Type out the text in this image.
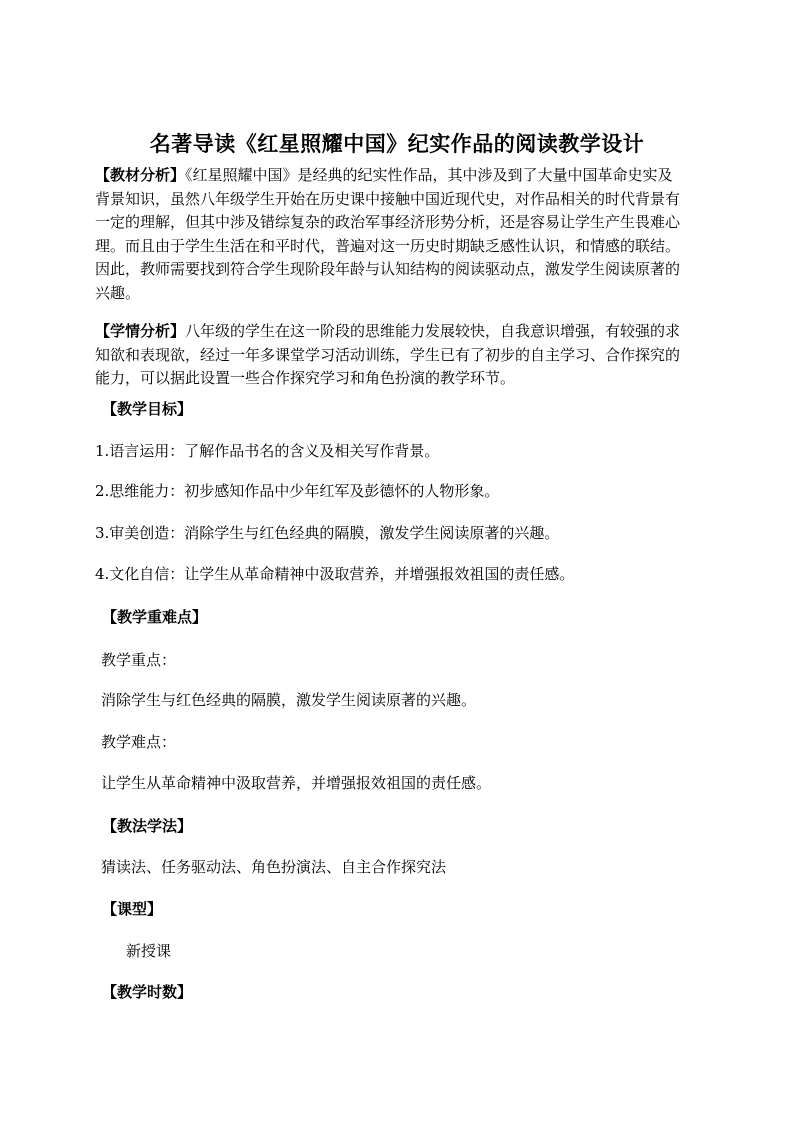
名著导读《红星照耀中国》纪实作品的阅读教学设计

【教材分析】《红星照耀中国》是经典的纪实性作品，其中涉及到了大量中国革命史实及

背景知识，虽然八年级学生开始在历史课中接触中国近现代史，对作品相关的时代背景有

一定的理解，但其中涉及错综复杂的政治军事经济形势分析，还是容易让学生产生畏难心

理。而且由于学生生活在和平时代，普遍对这一历史时期缺乏感性认识，和情感的联结。

因此，教师需要找到符合学生现阶段年龄与认知结构的阅读驱动点，激发学生阅读原著的

兴趣。

【学情分析】八年级的学生在这一阶段的思维能力发展较快，自我意识增强，有较强的求

知欲和表现欲，经过一年多课堂学习活动训练，学生已有了初步的自主学习、合作探究的

能力，可以据此设置一些合作探究学习和角色扮演的教学环节。

【教学目标】
1.语言运用：了解作品书名的含义及相关写作背景。
2.思维能力：初步感知作品中少年红军及彭德怀的人物形象。
3.审美创造：消除学生与红色经典的隔膜，激发学生阅读原著的兴趣。
4.文化自信：让学生从革命精神中汲取营养，并增强报效祖国的责任感。
【教学重难点】
教学重点：
消除学生与红色经典的隔膜，激发学生阅读原著的兴趣。
教学难点：
让学生从革命精神中汲取营养，并增强报效祖国的责任感。
【教法学法】
猜读法、任务驱动法、角色扮演法、自主合作探究法
【课型】
新授课
【教学时数】
